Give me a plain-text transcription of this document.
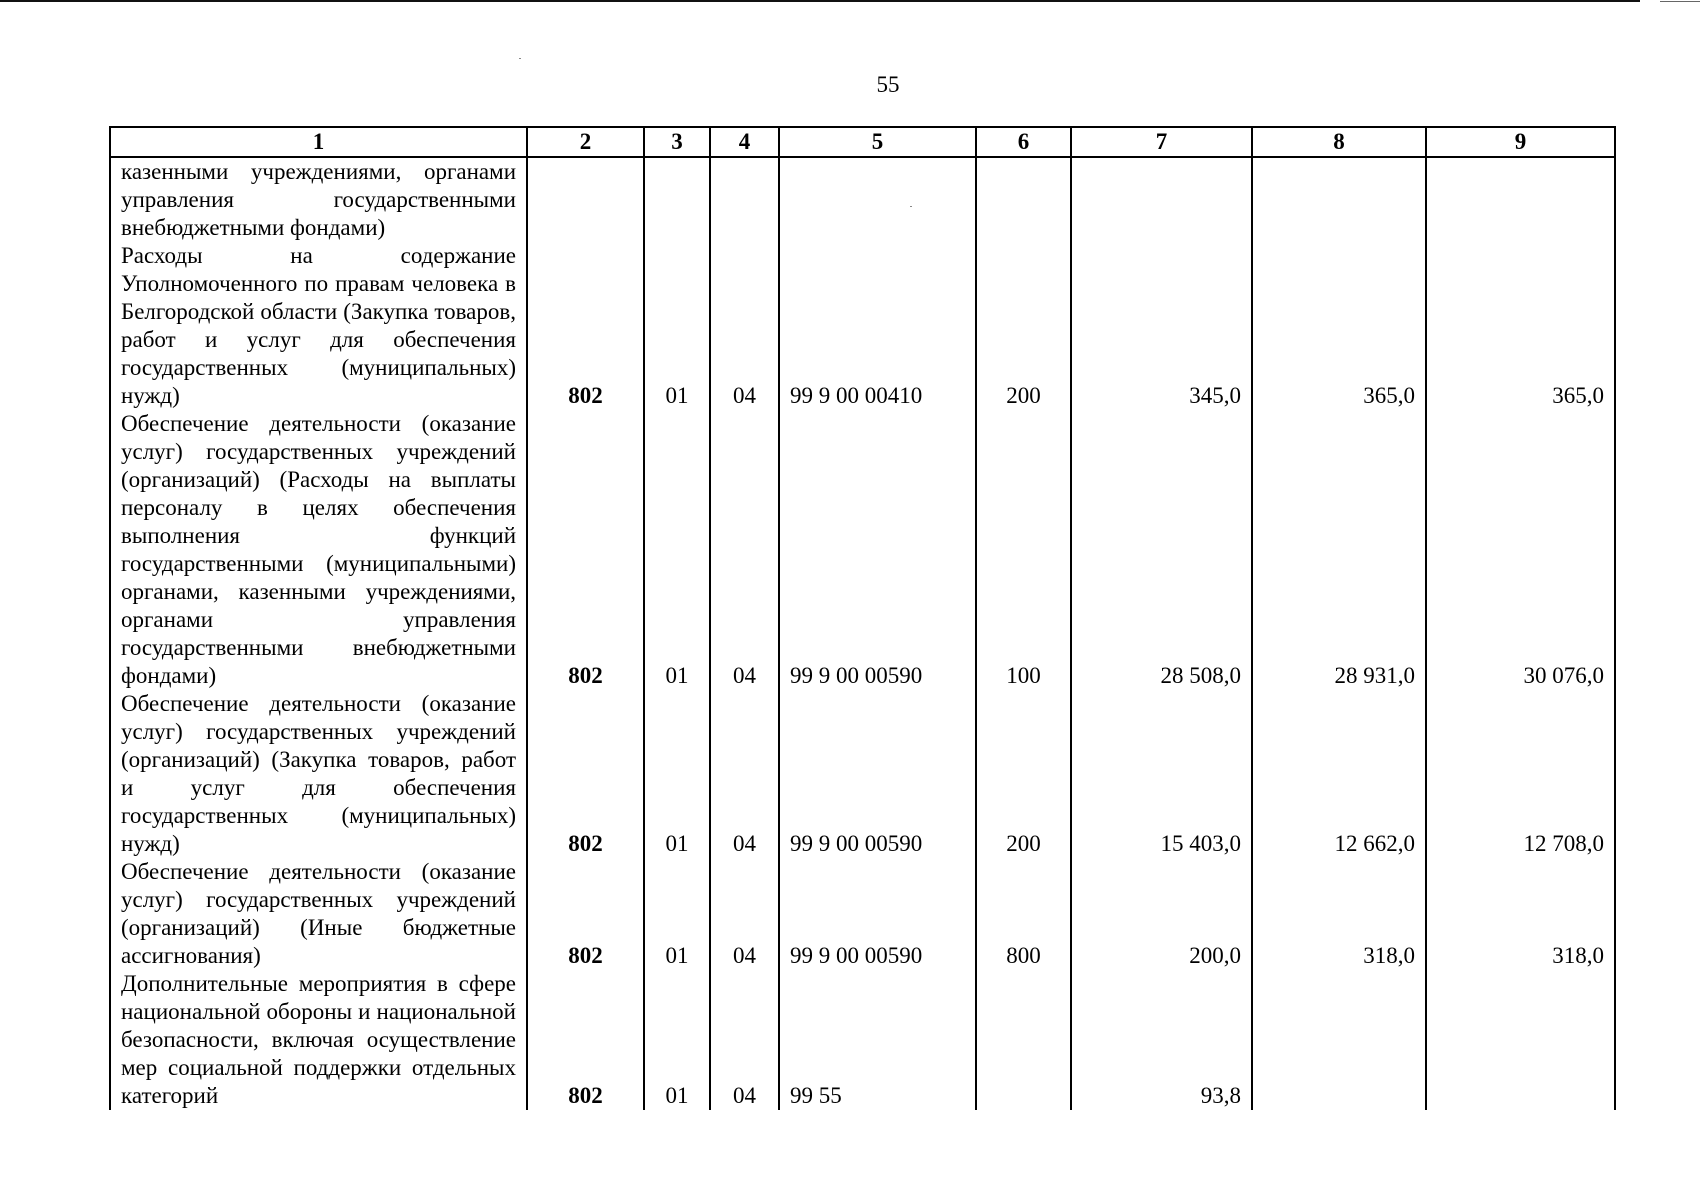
55
1	2	3	4	5	6	7	8	9
казенными учреждениями, органами управления государственными внебюджетными фондами)								
Расходы на содержание Уполномоченного по правам человека в Белгородской области (Закупка товаров, работ и услуг для обеспечения государственных (муниципальных) нужд)	802	01	04	99 9 00 00410	200	345,0	365,0	365,0
Обеспечение деятельности (оказание услуг) государственных учреждений (организаций) (Расходы на выплаты персоналу в целях обеспечения выполнения функций государственными (муниципальными) органами, казенными учреждениями, органами управления государственными внебюджетными фондами)	802	01	04	99 9 00 00590	100	28 508,0	28 931,0	30 076,0
Обеспечение деятельности (оказание услуг) государственных учреждений (организаций) (Закупка товаров, работ и услуг для обеспечения государственных (муниципальных) нужд)	802	01	04	99 9 00 00590	200	15 403,0	12 662,0	12 708,0
Обеспечение деятельности (оказание услуг) государственных учреждений (организаций) (Иные бюджетные ассигнования)	802	01	04	99 9 00 00590	800	200,0	318,0	318,0
Дополнительные мероприятия в сфере национальной обороны и национальной безопасности, включая осуществление мер социальной поддержки отдельных категорий	802	01	04	99 55		93,8		
